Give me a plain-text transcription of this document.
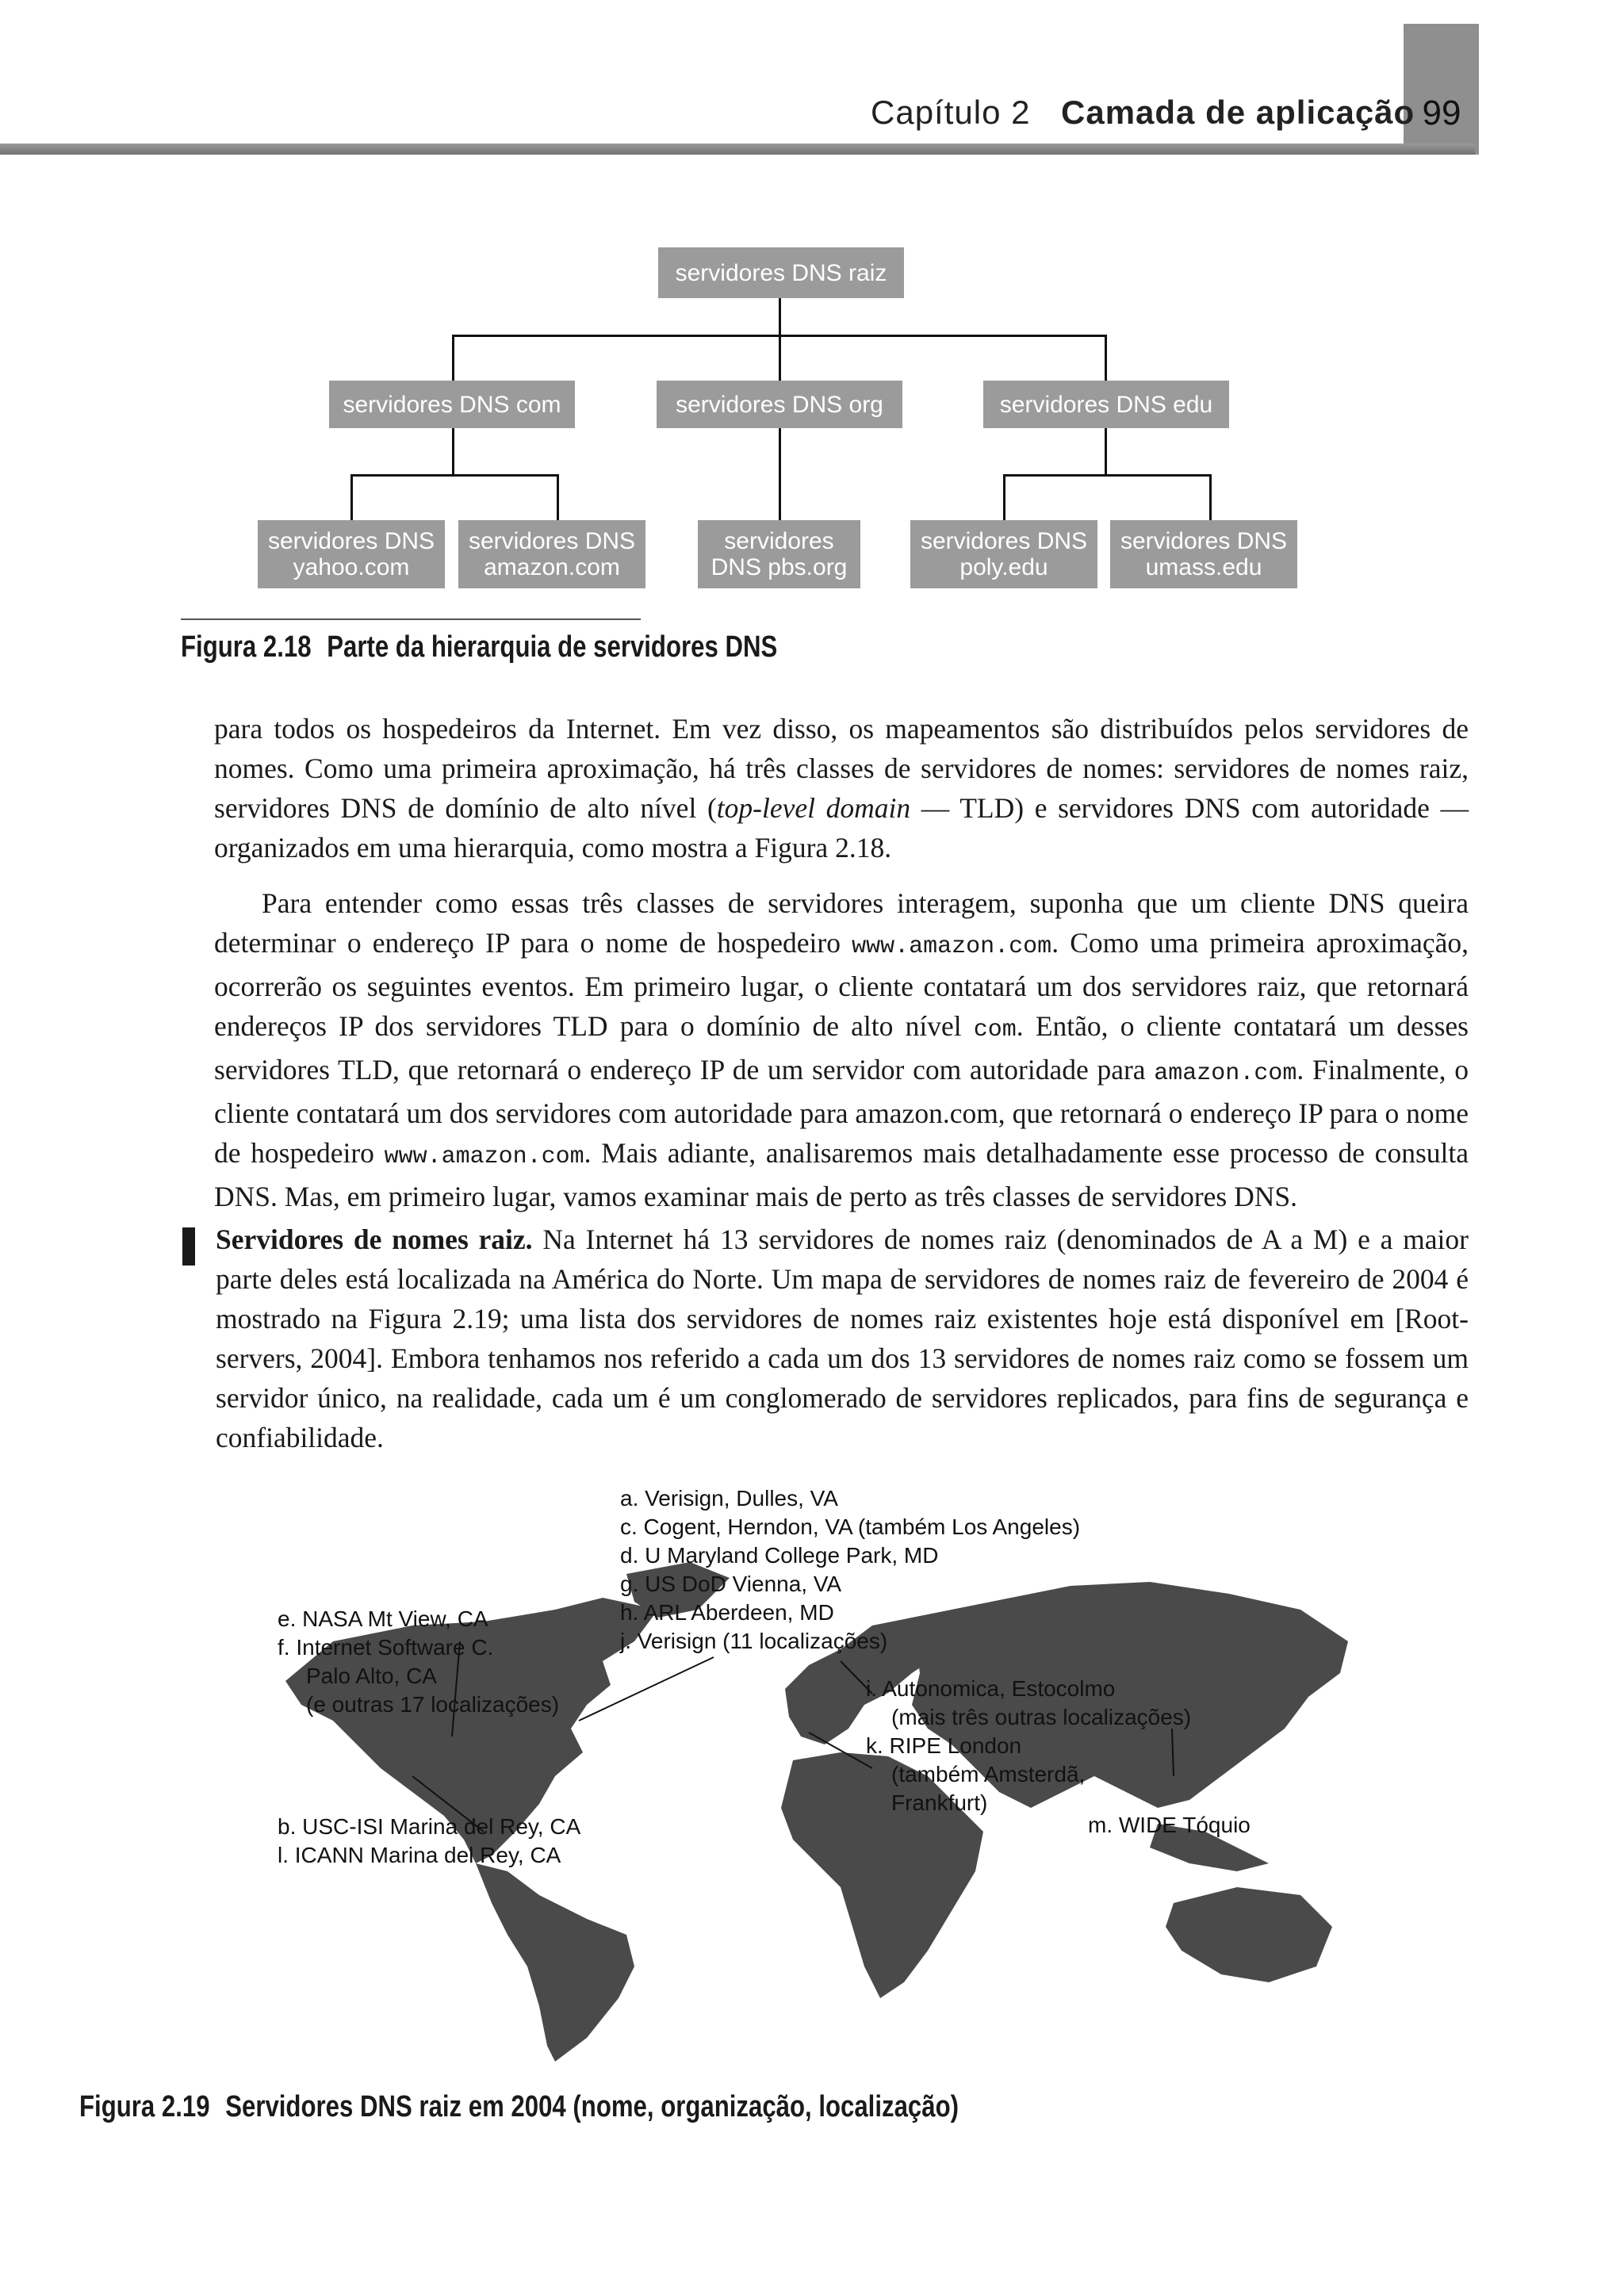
99
Capítulo 2 Camada de aplicação
servidores DNS raiz
servidores DNS com	servidores DNS org	servidores DNS edu
servidores DNS
yahoo.com
servidores DNS
amazon.com
servidores
DNS pbs.org
servidores DNS
poly.edu
servidores DNS
umass.edu
Figura 2.18 Parte da hierarquia de servidores DNS

para todos os hospedeiros da Internet. Em vez disso, os mapeamentos são distribuídos pelos servidores de nomes. Como uma primeira aproximação, há três classes de servidores de nomes: servidores de nomes raiz, servidores DNS de domínio de alto nível (top-level domain — TLD) e servidores DNS com autoridade — organizados em uma hierarquia, como mostra a Figura 2.18.

Para entender como essas três classes de servidores interagem, suponha que um cliente DNS queira determinar o endereço IP para o nome de hospedeiro www.amazon.com. Como uma primeira aproximação, ocorrerão os seguintes eventos. Em primeiro lugar, o cliente contatará um dos servidores raiz, que retornará endereços IP dos servidores TLD para o domínio de alto nível com. Então, o cliente contatará um desses servidores TLD, que retornará o endereço IP de um servidor com autoridade para amazon.com. Finalmente, o cliente contatará um dos servidores com autoridade para amazon.com, que retornará o endereço IP para o nome de hospedeiro www.amazon.com. Mais adiante, analisaremos mais detalhadamente esse processo de consulta DNS. Mas, em primeiro lugar, vamos examinar mais de perto as três classes de servidores DNS.

Servidores de nomes raiz. Na Internet há 13 servidores de nomes raiz (denominados de A a M) e a maior parte deles está localizada na América do Norte. Um mapa de servidores de nomes raiz de fevereiro de 2004 é mostrado na Figura 2.19; uma lista dos servidores de nomes raiz existentes hoje está disponível em [Root-servers, 2004]. Embora tenhamos nos referido a cada um dos 13 servidores de nomes raiz como se fossem um servidor único, na realidade, cada um é um conglomerado de servidores replicados, para fins de segurança e confiabilidade.

a. Verisign, Dulles, VA
c. Cogent, Herndon, VA (também Los Angeles)
d. U Maryland College Park, MD
g. US DoD Vienna, VA
h. ARL Aberdeen, MD
j. Verisign (11 localizações)
e. NASA Mt View, CA
f. Internet Software C.
Palo Alto, CA
(e outras 17 localizações)
b. USC-ISI Marina del Rey, CA
l. ICANN Marina del Rey, CA
i. Autonomica, Estocolmo
(mais três outras localizações)
k. RIPE London
(também Amsterdã,
Frankfurt)
m. WIDE Tóquio
Figura 2.19 Servidores DNS raiz em 2004 (nome, organização, localização)
